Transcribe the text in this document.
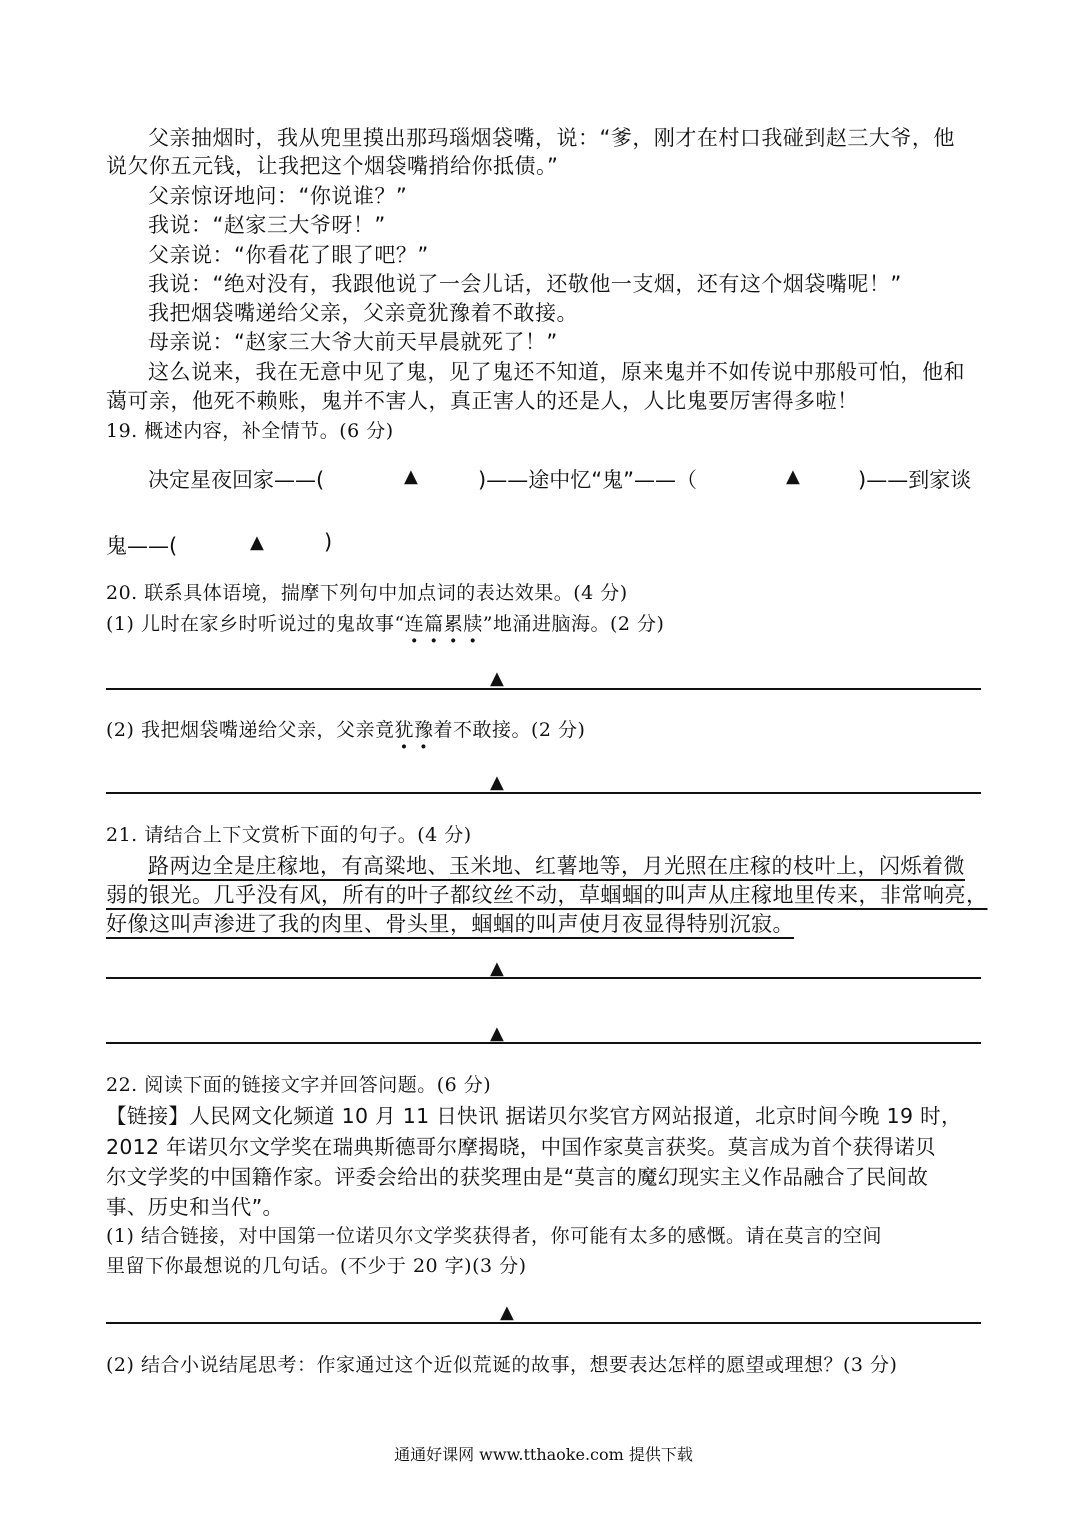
父亲抽烟时，我从兜里摸出那玛瑙烟袋嘴，说：“爹，刚才在村口我碰到赵三大爷，他
说欠你五元钱，让我把这个烟袋嘴捎给你抵债。”
父亲惊讶地问：“你说谁？”
我说：“赵家三大爷呀！”
父亲说：“你看花了眼了吧？”
我说：“绝对没有，我跟他说了一会儿话，还敬他一支烟，还有这个烟袋嘴呢！”
我把烟袋嘴递给父亲，父亲竟犹豫着不敢接。
母亲说：“赵家三大爷大前天早晨就死了！”
这么说来，我在无意中见了鬼，见了鬼还不知道，原来鬼并不如传说中那般可怕，他和
蔼可亲，他死不赖账，鬼并不害人，真正害人的还是人，人比鬼要厉害得多啦！
19. 概述内容，补全情节。(6 分)
决定星夜回家——(	▲	)——途中忆“鬼”——（	▲	)——到家谈
鬼——(	▲	)
20. 联系具体语境，揣摩下列句中加点词的表达效果。(4 分)
(1) 儿时在家乡时听说过的鬼故事“连篇累牍”地涌进脑海。(2 分)
▲
(2) 我把烟袋嘴递给父亲，父亲竟犹豫着不敢接。(2 分)
▲
21. 请结合上下文赏析下面的句子。(4 分)
路两边全是庄稼地，有高粱地、玉米地、红薯地等，月光照在庄稼的枝叶上，闪烁着微
弱的银光。几乎没有风，所有的叶子都纹丝不动，草蝈蝈的叫声从庄稼地里传来，非常响亮，
好像这叫声渗进了我的肉里、骨头里，蝈蝈的叫声使月夜显得特别沉寂。
▲
▲
22. 阅读下面的链接文字并回答问题。(6 分)
【链接】人民网文化频道 10 月 11 日快讯 据诺贝尔奖官方网站报道，北京时间今晚 19 时，
2012 年诺贝尔文学奖在瑞典斯德哥尔摩揭晓，中国作家莫言获奖。莫言成为首个获得诺贝
尔文学奖的中国籍作家。评委会给出的获奖理由是“莫言的魔幻现实主义作品融合了民间故
事、历史和当代”。
(1) 结合链接，对中国第一位诺贝尔文学奖获得者，你可能有太多的感慨。请在莫言的空间
里留下你最想说的几句话。(不少于 20 字)(3 分)
▲
(2) 结合小说结尾思考：作家通过这个近似荒诞的故事，想要表达怎样的愿望或理想？(3 分)
通通好课网 www.tthaoke.com 提供下载
